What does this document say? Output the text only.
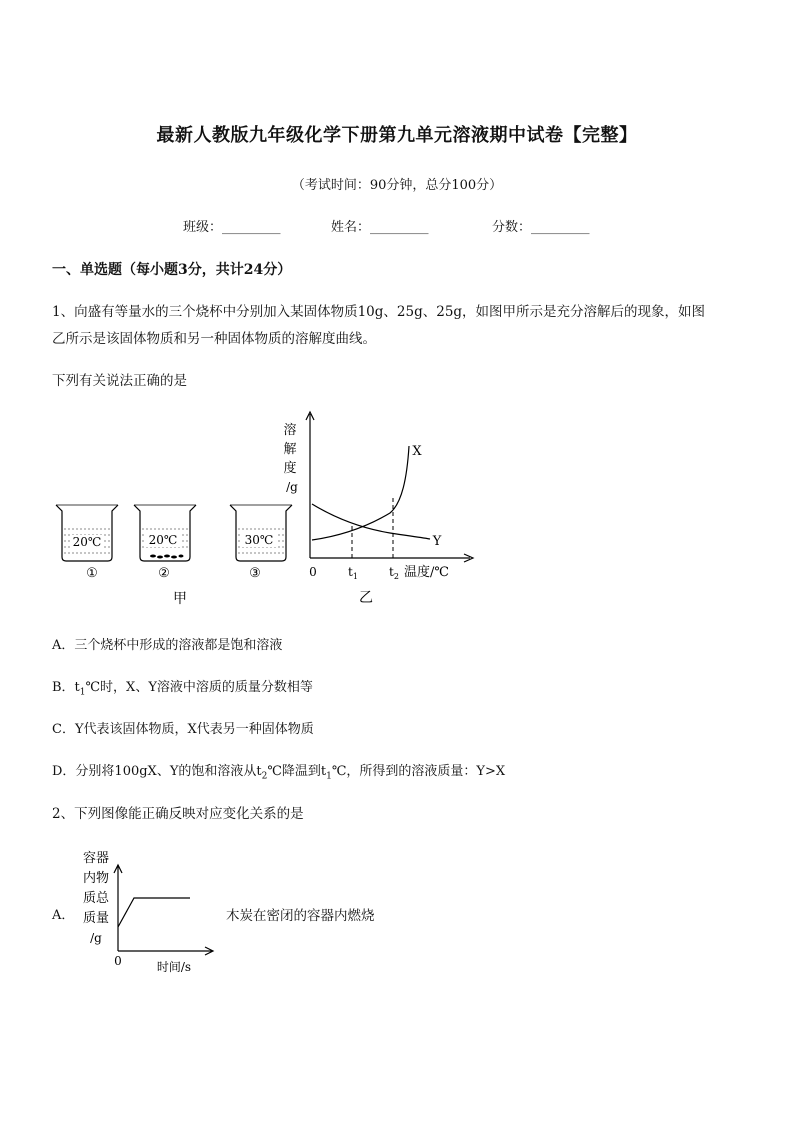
最新人教版九年级化学下册第九单元溶液期中试卷【完整】
（考试时间：90分钟，总分100分）
班级：_________	姓名：_________	分数：_________
一、单选题（每小题3分，共计24分）
1、向盛有等量水的三个烧杯中分别加入某固体物质10g、25g、25g，如图甲所示是充分溶解后的现象，如图
乙所示是该固体物质和另一种固体物质的溶解度曲线。
下列有关说法正确的是
20℃
①
20℃
②
30℃
③
甲
溶
解
度
/g
X
Y
0	$t_1$	$t_2$ 温度/℃
乙
A．三个烧杯中形成的溶液都是饱和溶液
B．$t_1℃$时，X、Y溶液中溶质的质量分数相等
C．Y代表该固体物质，X代表另一种固体物质
D．分别将100gX、Y的饱和溶液从$t_2℃$降温到$t_1℃$，所得到的溶液质量：Y>X
2、下列图像能正确反映对应变化关系的是
A．
容器
内物
质总
质量
/g
0	时间/s
木炭在密闭的容器内燃烧
